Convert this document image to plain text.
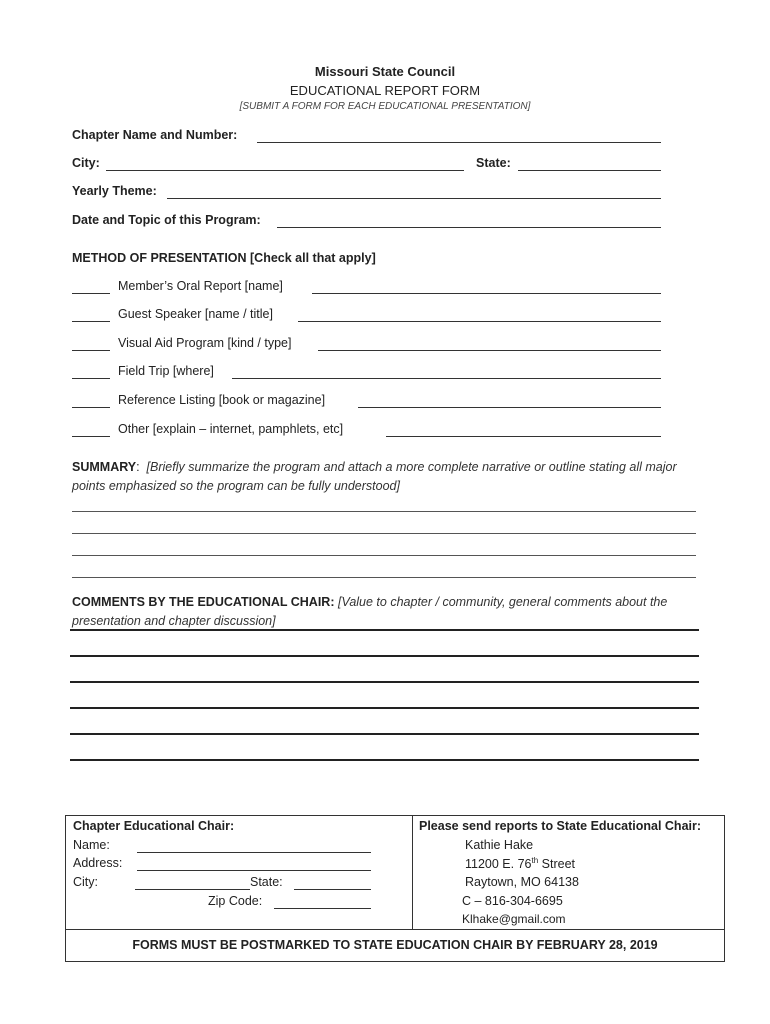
Missouri State Council
EDUCATIONAL REPORT FORM
[SUBMIT A FORM FOR EACH EDUCATIONAL PRESENTATION]
Chapter Name and Number:
City:	State:
Yearly Theme:
Date and Topic of this Program:
METHOD OF PRESENTATION [Check all that apply]
Member’s Oral Report [name]
Guest Speaker [name / title]
Visual Aid Program [kind / type]
Field Trip [where]
Reference Listing [book or magazine]
Other [explain – internet, pamphlets, etc]
SUMMARY:  [Briefly summarize the program and attach a more complete narrative or outline stating all major points emphasized so the program can be fully understood]
COMMENTS BY THE EDUCATIONAL CHAIR: [Value to chapter / community, general comments about the presentation and chapter discussion]
Chapter Educational Chair:
Name:
Address:
City:	State:
Zip Code:
Please send reports to State Educational Chair:
Kathie Hake
11200 E. 76th Street
Raytown, MO 64138
C – 816-304-6695
Klhake@gmail.com
FORMS MUST BE POSTMARKED TO STATE EDUCATION CHAIR BY FEBRUARY 28, 2019
